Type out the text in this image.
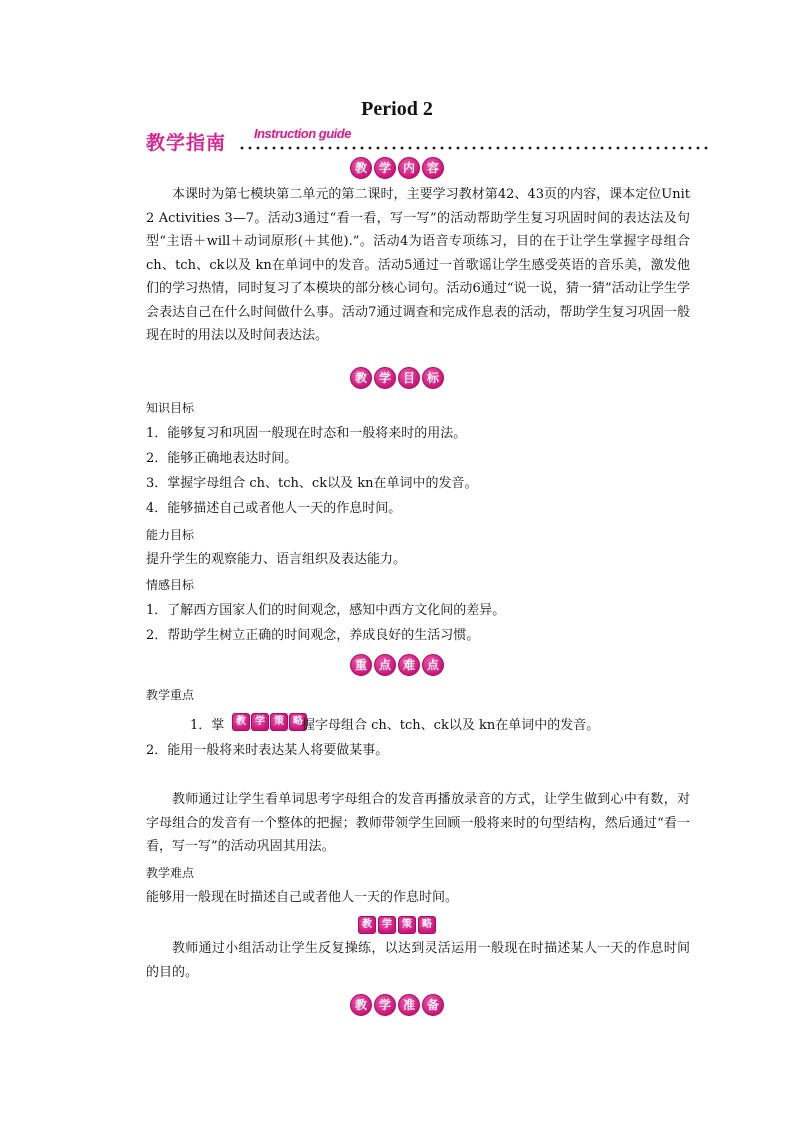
Period 2
教学指南 Instruction guide
教 学 内 容

本课时为第七模块第二单元的第二课时，主要学习教材第42、43页的内容，课本定位Unit 2 Activities 3—7。活动3通过“看一看，写一写”的活动帮助学生复习巩固时间的表达法及句型“主语＋will＋动词原形(＋其他).”。活动4为语音专项练习，目的在于让学生掌握字母组合 ch、tch、ck以及 kn在单词中的发音。活动5通过一首歌谣让学生感受英语的音乐美，激发他们的学习热情，同时复习了本模块的部分核心词句。活动6通过“说一说，猜一猜”活动让学生学会表达自己在什么时间做什么事。活动7通过调查和完成作息表的活动，帮助学生复习巩固一般现在时的用法以及时间表达法。

教 学 目 标

知识目标

1．能够复习和巩固一般现在时态和一般将来时的用法。

2．能够正确地表达时间。

3．掌握字母组合 ch、tch、ck以及 kn在单词中的发音。

4．能够描述自己或者他人一天的作息时间。

能力目标

提升学生的观察能力、语言组织及表达能力。

情感目标

1．了解西方国家人们的时间观念，感知中西方文化间的差异。

2．帮助学生树立正确的时间观念，养成良好的生活习惯。

重 点 难 点

教学重点

1．掌	教 学 策 略 握字母组合 ch、tch、ck以及 kn在单词中的发音。

2．能用一般将来时表达某人将要做某事。

教师通过让学生看单词思考字母组合的发音再播放录音的方式，让学生做到心中有数，对字母组合的发音有一个整体的把握；教师带领学生回顾一般将来时的句型结构，然后通过“看一看，写一写”的活动巩固其用法。

教学难点

能够用一般现在时描述自己或者他人一天的作息时间。

教	学	策	略

教师通过小组活动让学生反复操练，以达到灵活运用一般现在时描述某人一天的作息时间的目的。

教 学 准 备
